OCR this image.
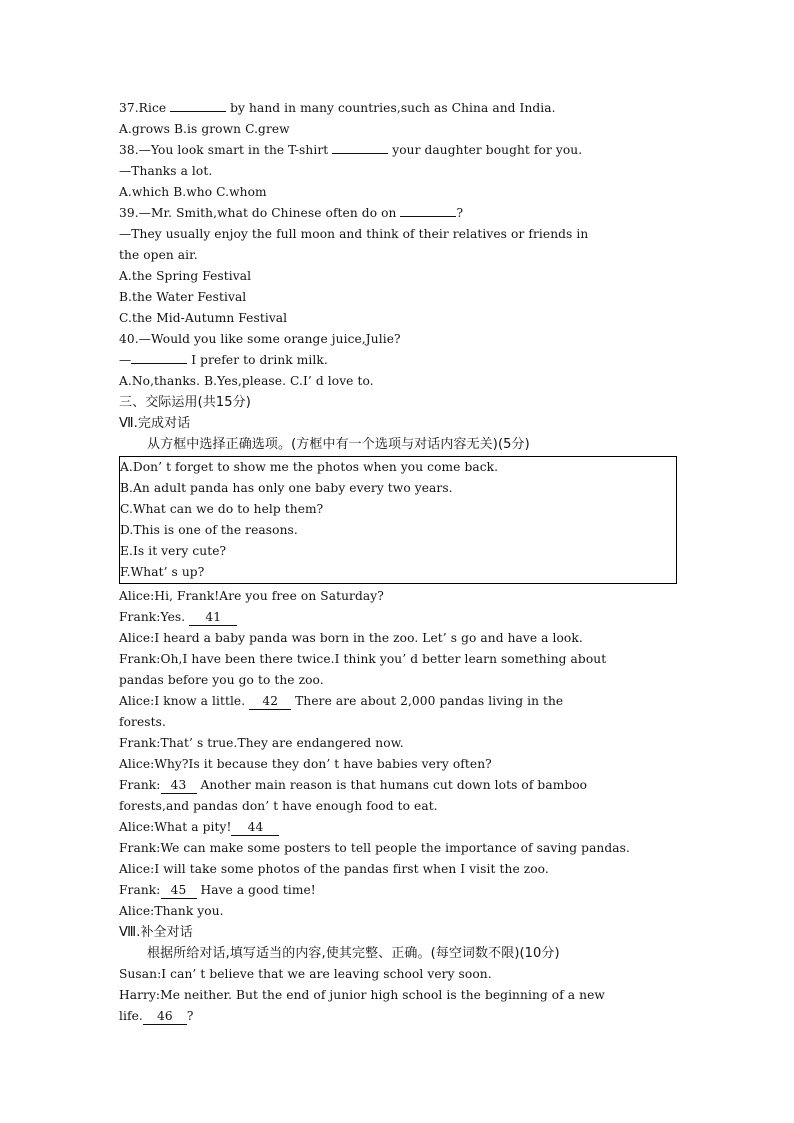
37.Rice	by hand in many countries,such as China and India.
A.grows B.is grown C.grew
38.—You look smart in the T-shirt	your daughter bought for you.
—Thanks a lot.
A.which B.who C.whom
39.—Mr. Smith,what do Chinese often do on	?
—They usually enjoy the full moon and think of their relatives or friends in
the open air.
A.the Spring Festival
B.the Water Festival
C.the Mid-Autumn Festival
40.—Would you like some orange juice,Julie?
—	I prefer to drink milk.
A.No,thanks. B.Yes,please. C.I’ d love to.
三、交际运用(共15分)
Ⅶ.完成对话
从方框中选择正确选项。(方框中有一个选项与对话内容无关)(5分)
A.Don’ t forget to show me the photos when you come back.
B.An adult panda has only one baby every two years.
C.What can we do to help them?
D.This is one of the reasons.
E.Is it very cute?
F.What’ s up?
Alice:Hi, Frank!Are you free on Saturday?
Frank:Yes. 41
Alice:I heard a baby panda was born in the zoo. Let’ s go and have a look.
Frank:Oh,I have been there twice.I think you’ d better learn something about
pandas before you go to the zoo.
Alice:I know a little. 42 There are about 2,000 pandas living in the
forests.
Frank:That’ s true.They are endangered now.
Alice:Why?Is it because they don’ t have babies very often?
Frank: 43 Another main reason is that humans cut down lots of bamboo
forests,and pandas don’ t have enough food to eat.
Alice:What a pity! 44
Frank:We can make some posters to tell people the importance of saving pandas.
Alice:I will take some photos of the pandas first when I visit the zoo.
Frank: 45 Have a good time!
Alice:Thank you.
Ⅷ.补全对话
根据所给对话,填写适当的内容,使其完整、正确。(每空词数不限)(10分)
Susan:I can’ t believe that we are leaving school very soon.
Harry:Me neither. But the end of junior high school is the beginning of a new
life. 46 ?
